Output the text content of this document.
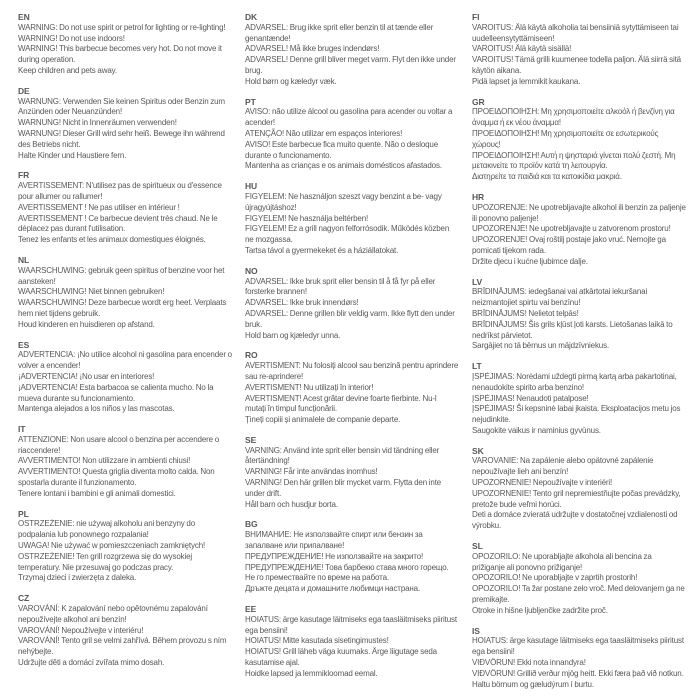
EN

WARNING: Do not use spirit or petrol for lighting or re-lighting!

WARNING! Do not use indoors!

WARNING! This barbecue becomes very hot. Do not move it during operation.

Keep children and pets away.

DE

WARNUNG: Verwenden Sie keinen Spiritus oder Benzin zum Anzünden oder Neuanzünden!

WARNUNG! Nicht in Innenräumen verwenden!

WARNUNG! Dieser Grill wird sehr heiß. Bewege ihn während des Betriebs nicht.

Halte Kinder und Haustiere fern.

FR

AVERTISSEMENT: N'utilisez pas de spiritueux ou d'essence pour allumer ou rallumer!

AVERTISSEMENT ! Ne pas utiliser en intérieur !

AVERTISSEMENT ! Ce barbecue devient très chaud. Ne le déplacez pas durant l'utilisation.

Tenez les enfants et les animaux domestiques éloignés.

NL

WAARSCHUWING: gebruik geen spiritus of benzine voor het aansteken!

WAARSCHUWING! Niet binnen gebruiken!

WAARSCHUWING! Deze barbecue wordt erg heet. Verplaats hem niet tijdens gebruik.

Houd kinderen en huisdieren op afstand.

ES

ADVERTENCIA: ¡No utilice alcohol ni gasolina para encender o volver a encender!

¡ADVERTENCIA! ¡No usar en interiores!

¡ADVERTENCIA! Esta barbacoa se calienta mucho. No la mueva durante su funcionamiento.

Mantenga alejados a los niños y las mascotas.

IT

ATTENZIONE: Non usare alcool o benzina per accendere o riaccendere!

AVVERTIMENTO! Non utilizzare in ambienti chiusi!

AVVERTIMENTO! Questa griglia diventa molto calda. Non spostarla durante il funzionamento.

Tenere lontani i bambini e gli animali domestici.

PL

OSTRZEŻENIE: nie używaj alkoholu ani benzyny do podpalania lub ponownego rozpalania!

UWAGA! Nie używać w pomieszczeniach zamkniętych!

OSTRZEŻENIE! Ten grill rozgrzewa się do wysokiej temperatury. Nie przesuwaj go podczas pracy.

Trzymaj dzieci i zwierzęta z daleka.

CZ

VAROVÁNÍ: K zapalování nebo opětovnému zapalování nepoužívejte alkohol ani benzín!

VAROVÁNÍ! Nepoužívejte v interiéru!

VAROVÁNÍ! Tento gril se velmi zahřívá. Během provozu s ním nehýbejte.

Udržujte děti a domácí zvířata mimo dosah.

DK

ADVARSEL: Brug ikke sprit eller benzin til at tænde eller genantænde!

ADVARSEL! Må ikke bruges indendørs!

ADVARSEL! Denne grill bliver meget varm. Flyt den ikke under brug.

Hold børn og kæledyr væk.

PT

AVISO: não utilize álcool ou gasolina para acender ou voltar a acender!

ATENÇÃO! Não utilizar em espaços interiores!

AVISO! Este barbecue fica muito quente. Não o desloque durante o funcionamento.

Mantenha as crianças e os animais domésticos afastados.

HU

FIGYELEM: Ne használjon szeszt vagy benzint a be- vagy újragyújtáshoz!

FIGYELEM! Ne használja beltérben!

FIGYELEM! Ez a grill nagyon felforrósodik. Működés közben ne mozgassa.

Tartsa távol a gyermekeket és a háziállatokat.

NO

ADVARSEL: Ikke bruk sprit eller bensin til å få fyr på eller forsterke brannen!

ADVARSEL: Ikke bruk innendørs!

ADVARSEL: Denne grillen blir veldig varm. Ikke flytt den under bruk.

Hold barn og kjæledyr unna.

RO

AVERTISMENT: Nu folosiți alcool sau benzină pentru aprindere sau re-aprindere!

AVERTISMENT! Nu utilizați în interior!

AVERTISMENT! Acest grătar devine foarte fierbinte. Nu-l mutați în timpul funcționării.

Țineți copiii și animalele de companie departe.

SE

VARNING: Använd inte sprit eller bensin vid tändning eller återtändning!

VARNING! Får inte användas inomhus!

VARNING! Den här grillen blir mycket varm. Flytta den inte under drift.

Håll barn och husdjur borta.

BG

ВНИМАНИЕ: Не използвайте спирт или бензин за запалване или припалване!

ПРЕДУПРЕЖДЕНИЕ! Не използвайте на закрито!

ПРЕДУПРЕЖДЕНИЕ! Това барбекю става много горещо. Не го премествайте по време на работа.

Дръжте децата и домашните любимци настрана.

EE

HOIATUS: ärge kasutage läitmiseks ega taasläitmiseks piiritust ega bensiini!

HOIATUS! Mitte kasutada sisetingimustes!

HOIATUS! Grill läheb väga kuumaks. Ärge liigutage seda kasutamise ajal.

Hoidke lapsed ja lemmikloomad eemal.

FI

VAROITUS: Älä käytä alkoholia tai bensiiniä sytyttämiseen tai uudelleensytyttämiseen!

VAROITUS! Älä käytä sisällä!

VAROITUS! Tämä grilli kuumenee todella paljon. Älä siirrä sitä käytön aikana.

Pidä lapset ja lemmikit kaukana.

GR

ΠΡΟΕΙΔΟΠΟΙΗΣΗ: Μη χρησιμοποιείτε αλκοόλ ή βενζίνη για άναμμα ή εκ νέου άναμμα!

ΠΡΟΕΙΔΟΠΟΙΗΣΗ! Μη χρησιμοποιείτε σε εσωτερικούς χώρους!

ΠΡΟΕΙΔΟΠΟΙΗΣΗ! Αυτή η ψησταριά γίνεται πολύ ζεστή. Μη μετακινείτε το προϊόν κατά τη λειτουργία.

Διατηρείτε τα παιδιά και τα κατοικίδια μακριά.

HR

UPOZORENJE: Ne upotrebljavajte alkohol ili benzin za paljenje ili ponovno paljenje!

UPOZORENJE! Ne upotrebljavajte u zatvorenom prostoru!

UPOZORENJE! Ovaj roštilj postaje jako vruć. Nemojte ga pomicati tijekom rada.

Držite djecu i kućne ljubimce dalje.

LV

BRĪDINĀJUMS: iedegšanai vai atkārtotai iekuršanai neizmantojiet spirtu vai benzīnu!

BRĪDINĀJUMS! Nelietot telpās!

BRĪDINĀJUMS! Šis grils kļūst ļoti karsts. Lietošanas laikā to nedrīkst pārvietot.

Sargājiet no tā bērnus un mājdzīvniekus.

LT

ĮSPĖJIMAS: Norėdami uždegti pirmą kartą arba pakartotinai, nenaudokite spirito arba benzino!

ĮSPĖJIMAS! Nenaudoti patalpose!

ĮSPĖJIMAS! Ši kepsninė labai įkaista. Eksploatacijos metu jos nejudinkite.

Saugokite vaikus ir naminius gyvūnus.

SK

VAROVANIE: Na zapálenie alebo opätovné zapálenie nepoužívajte lieh ani benzín!

UPOZORNENIE! Nepoužívajte v interiéri!

UPOZORNENIE! Tento gril nepremiestňujte počas prevádzky, pretože bude veľmi horúci.

Deti a domáce zvieratá udržujte v dostatočnej vzdialenosti od výrobku.

SL

OPOZORILO: Ne uporabljajte alkohola ali bencina za prižiganje ali ponovno prižiganje!

OPOZORILO! Ne uporabljajte v zaprtih prostorih!

OPOZORILO! Ta žar postane zelo vroč. Med delovanjem ga ne premikajte.

Otroke in hišne ljubljenčke zadržite proč.

IS

HOIATUS: ärge kasutage läitmiseks ega taasläitmiseks piiritust ega bensiini!

VIÐVÖRUN! Ekki nota innandyra!

VIÐVÖRUN! Grillið verður mjög heitt. Ekki færa það við notkun.

Haltu börnum og gæludýrum í burtu.
